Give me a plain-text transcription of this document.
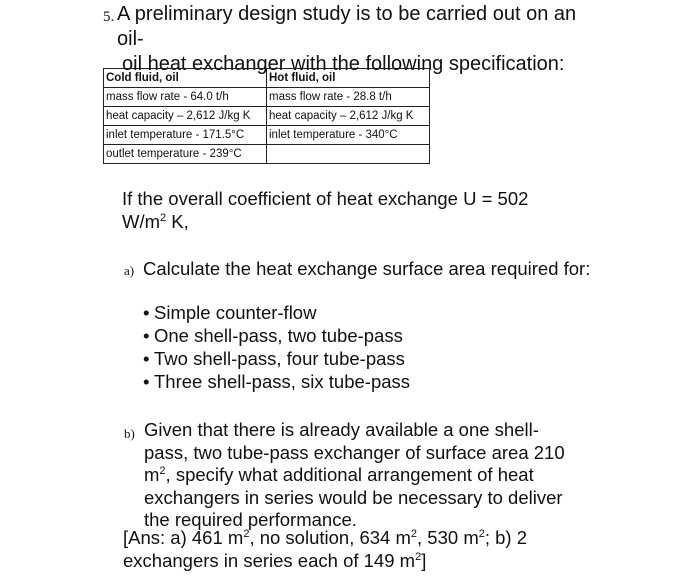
5. A preliminary design study is to be carried out on an oil-
oil heat exchanger with the following specification:
Cold fluid, oil	Hot fluid, oil
mass flow rate - 64.0 t/h	mass flow rate - 28.8 t/h
heat capacity – 2,612 J/kg K	heat capacity – 2,612 J/kg K
inlet temperature - 171.5°C	inlet temperature - 340°C
outlet temperature - 239°C	
If the overall coefficient of heat exchange U = 502
$W/m^2$ K,
a) Calculate the heat exchange surface area required for:
• Simple counter-flow
• One shell-pass, two tube-pass
• Two shell-pass, four tube-pass
• Three shell-pass, six tube-pass
b) Given that there is already available a one shell-
pass, two tube-pass exchanger of surface area 210
$m^2$, specify what additional arrangement of heat
exchangers in series would be necessary to deliver
the required performance.
[Ans: a) 461 $m^2$, no solution, 634 $m^2$, 530 $m^2$; b) 2
exchangers in series each of 149 $m^2$]
